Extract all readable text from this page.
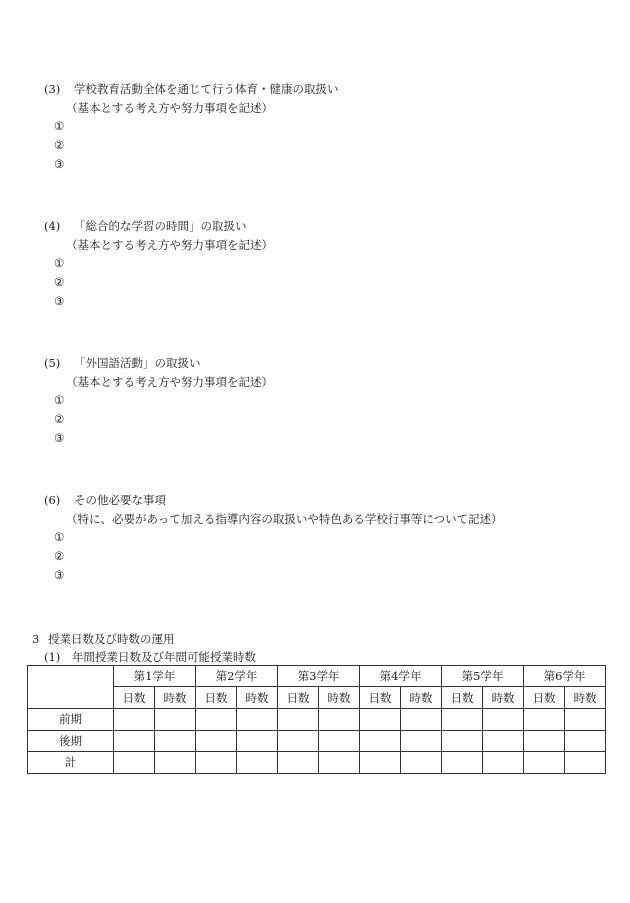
(3) 学校教育活動全体を通じて行う体育・健康の取扱い
（基本とする考え方や努力事項を記述）
①
②
③
(4) 「総合的な学習の時間」の取扱い
（基本とする考え方や努力事項を記述）
①
②
③
(5) 「外国語活動」の取扱い
（基本とする考え方や努力事項を記述）
①
②
③
(6) その他必要な事項
（特に、必要があって加える指導内容の取扱いや特色ある学校行事等について記述）
①
②
③
3 授業日数及び時数の運用
(1) 年間授業日数及び年間可能授業時数
	第1学年		第2学年		第3学年		第4学年		第5学年		第6学年	
	日数	時数	日数	時数	日数	時数	日数	時数	日数	時数	日数	時数
前期												
後期												
計												
